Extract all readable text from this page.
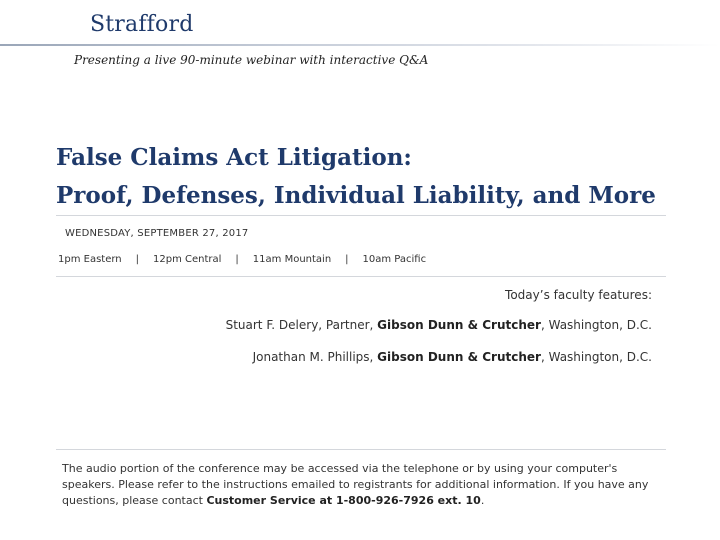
Strafford
Presenting a live 90-minute webinar with interactive Q&A
False Claims Act Litigation:
Proof, Defenses, Individual Liability, and More
WEDNESDAY, SEPTEMBER 27, 2017
1pm Eastern | 12pm Central | 11am Mountain | 10am Pacific
Today’s faculty features:
Stuart F. Delery, Partner, Gibson Dunn & Crutcher, Washington, D.C.
Jonathan M. Phillips, Gibson Dunn & Crutcher, Washington, D.C.
The audio portion of the conference may be accessed via the telephone or by using your computer's speakers. Please refer to the instructions emailed to registrants for additional information. If you have any questions, please contact Customer Service at 1-800-926-7926 ext. 10.
